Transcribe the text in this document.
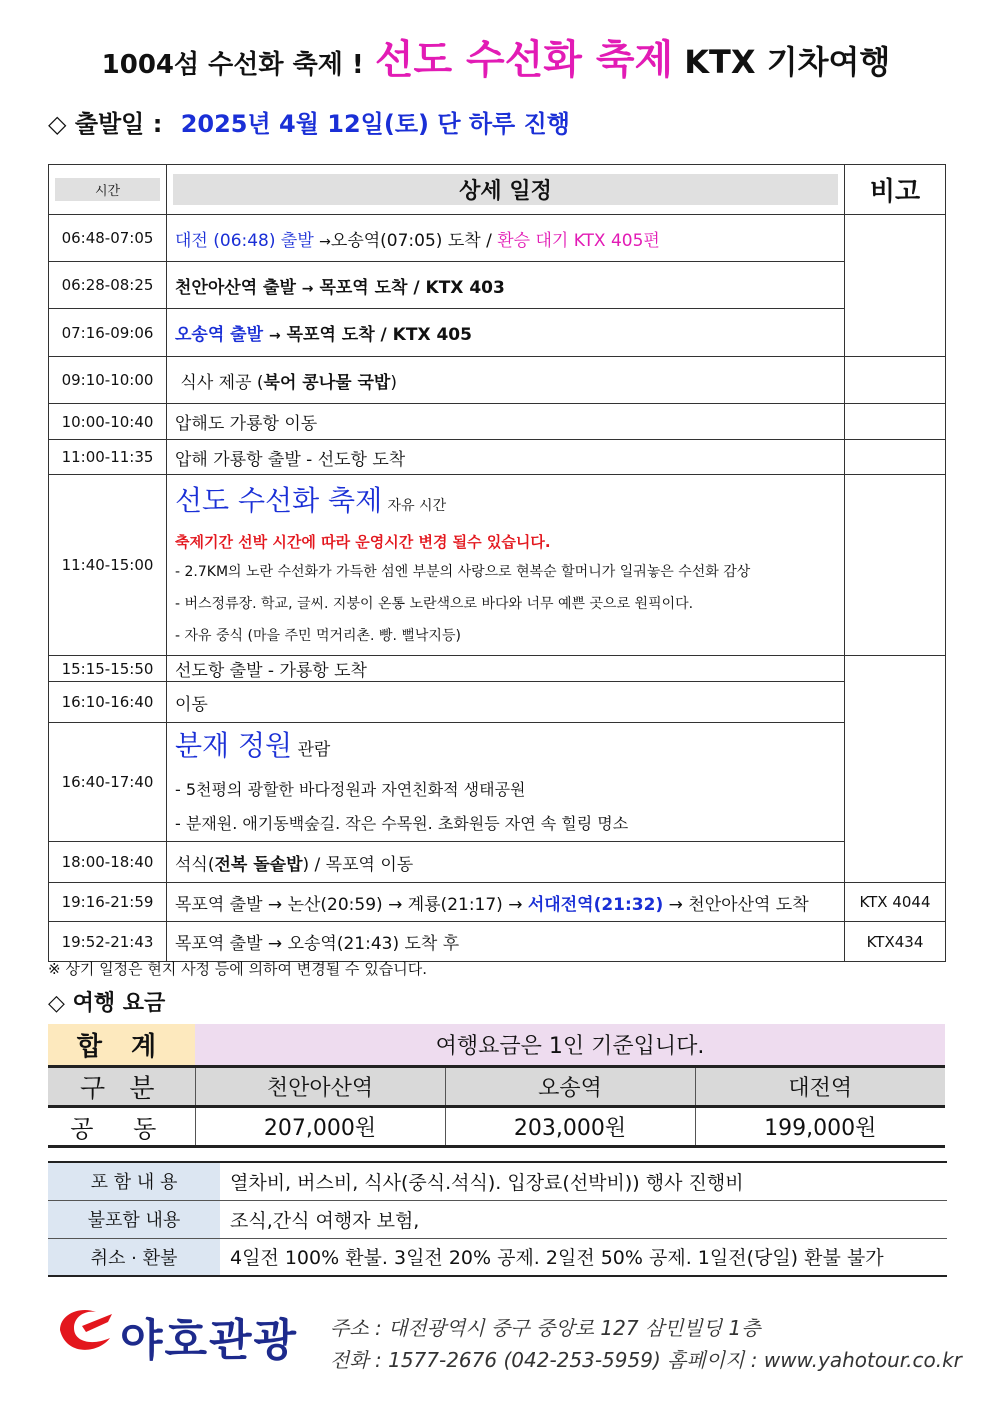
1004섬 수선화 축제 ! 선도 수선화 축제 KTX 기차여행
◇ 출발일 : 2025년 4월 12일(토) 단 하루 진행
시간	상세 일정	비고

06:48-07:05	대전 (06:48) 출발 →오송역(07:05) 도착 / 환승 대기 KTX 405편	
06:28-08:25	천안아산역 출발 → 목포역 도착 / KTX 403	
07:16-09:06	오송역 출발 → 목포역 도착 / KTX 405	
09:10-10:00	식사 제공 (북어 콩나물 국밥)	
10:00-10:40	압해도 가룡항 이동	
11:00-11:35	압해 가룡항 출발 - 선도항 도착	
11:40-15:00	선도 수선화 축제 자유 시간
축제기간 선박 시간에 따라 운영시간 변경 될수 있습니다.
- 2.7KM의 노란 수선화가 가득한 섬엔 부분의 사랑으로 현복순 할머니가 일궈놓은 수선화 감상
- 버스정류장. 학교, 글씨. 지붕이 온통 노란색으로 바다와 너무 예쁜 곳으로 원픽이다.
- 자유 중식 (마을 주민 먹거리촌. 빵. 뻘낙지등)	

15:15-15:50	선도항 출발 - 가룡항 도착	
16:10-16:40	이동	
16:40-17:40	분재 정원 관람
- 5천평의 광할한 바다정원과 자연친화적 생태공원
- 분재원. 애기동백숲길. 작은 수목원. 초화원등 자연 속 힐링 명소	

18:00-18:40	석식(전복 돌솥밥) / 목포역 이동	
19:16-21:59	목포역 출발 → 논산(20:59) → 계룡(21:17) → 서대전역(21:32) → 천안아산역 도착	KTX 4044
19:52-21:43	목포역 출발 → 오송역(21:43) 도착 후	KTX434
※ 상기 일정은 현지 사정 등에 의하여 변경될 수 있습니다.
◇ 여행 요금
합 계	여행요금은 1인 기준입니다.		
구 분	천안아산역	오송역	대전역
공 동	207,000원	203,000원	199,000원
포 함 내 용	열차비, 버스비, 식사(중식.석식). 입장료(선박비)) 행사 진행비
불포함 내용	조식,간식 여행자 보험,
취소 · 환불	4일전 100% 환불. 3일전 20% 공제. 2일전 50% 공제. 1일전(당일) 환불 불가
야호관광 주소 : 대전광역시 중구 중앙로 127 삼민빌딩 1층
전화 : 1577-2676 (042-253-5959) 홈페이지 : www.yahotour.co.kr
